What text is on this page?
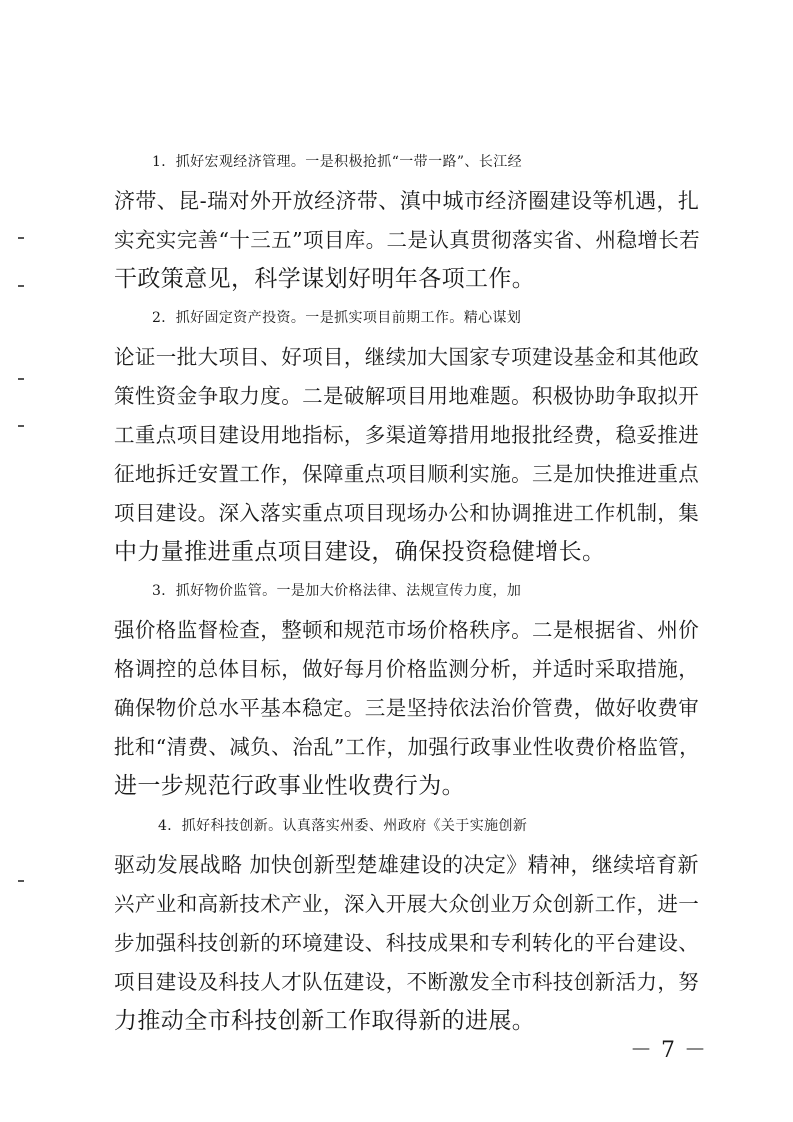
1．抓好宏观经济管理。一是积极抢抓“一带一路”、长江经
济带、昆-瑞对外开放经济带、滇中城市经济圈建设等机遇，扎
实充实完善“十三五”项目库。二是认真贯彻落实省、州稳增长若
干政策意见，科学谋划好明年各项工作。
2．抓好固定资产投资。一是抓实项目前期工作。精心谋划
论证一批大项目、好项目，继续加大国家专项建设基金和其他政
策性资金争取力度。二是破解项目用地难题。积极协助争取拟开
工重点项目建设用地指标，多渠道筹措用地报批经费，稳妥推进
征地拆迁安置工作，保障重点项目顺利实施。三是加快推进重点
项目建设。深入落实重点项目现场办公和协调推进工作机制，集
中力量推进重点项目建设，确保投资稳健增长。
3．抓好物价监管。一是加大价格法律、法规宣传力度，加
强价格监督检查，整顿和规范市场价格秩序。二是根据省、州价
格调控的总体目标，做好每月价格监测分析，并适时采取措施，
确保物价总水平基本稳定。三是坚持依法治价管费，做好收费审
批和“清费、减负、治乱”工作，加强行政事业性收费价格监管，
进一步规范行政事业性收费行为。
4．抓好科技创新。认真落实州委、州政府《关于实施创新
驱动发展战略 加快创新型楚雄建设的决定》精神，继续培育新
兴产业和高新技术产业，深入开展大众创业万众创新工作，进一
步加强科技创新的环境建设、科技成果和专利转化的平台建设、
项目建设及科技人才队伍建设，不断激发全市科技创新活力，努
力推动全市科技创新工作取得新的进展。
－ 7 －
